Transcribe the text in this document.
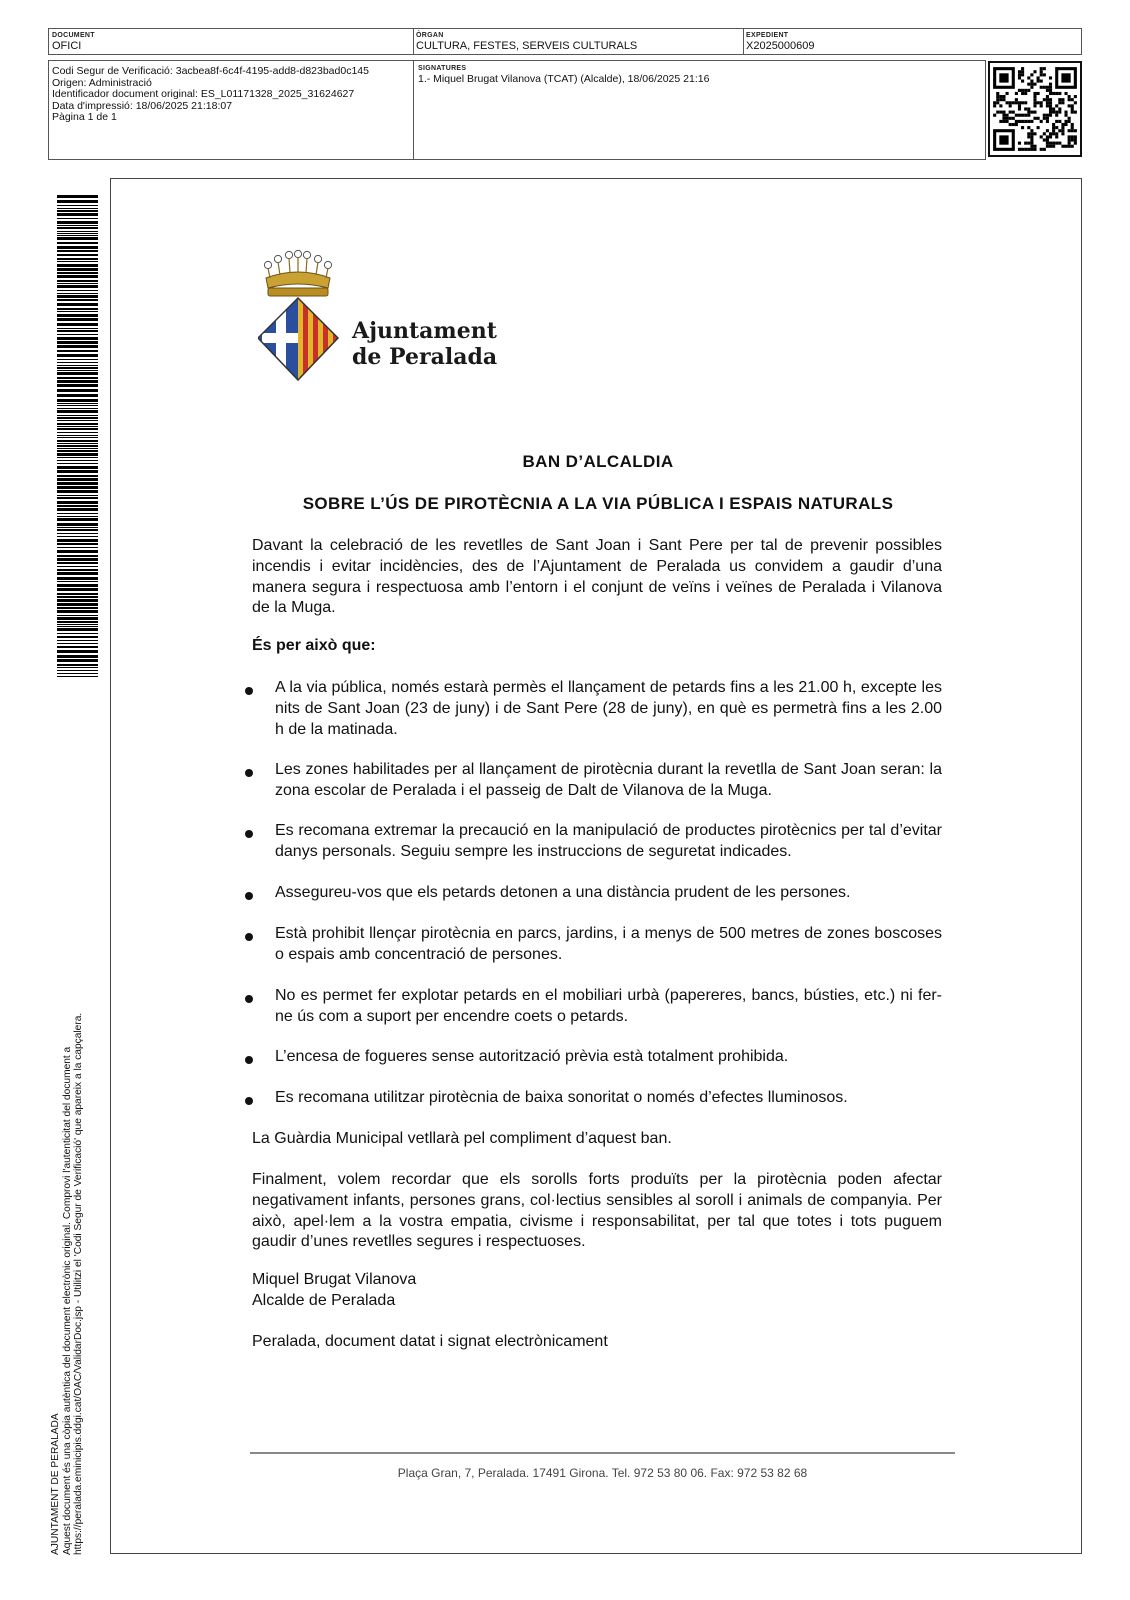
DOCUMENT
OFICI
ÒRGAN
CULTURA, FESTES, SERVEIS CULTURALS
EXPEDIENT
X2025000609
Codi Segur de Verificació: 3acbea8f-6c4f-4195-add8-d823bad0c145
Origen: Administració
Identificador document original: ES_L01171328_2025_31624627
Data d'impressió: 18/06/2025 21:18:07
Pàgina 1 de 1
SIGNATURES
1.- Miquel Brugat Vilanova (TCAT) (Alcalde), 18/06/2025 21:16
AJUNTAMENT DE PERALADA Aquest document és una còpia autèntica del document electrònic original. Comprovi l'autenticitat del document a https://peralada.eminicipis.ddgi.cat/OAC/ValidarDoc.jsp - Utilitzi el 'Codi Segur de Verificació' que apareix a la capçalera.
Ajuntament
de Peralada
BAN D’ALCALDIA
SOBRE L’ÚS DE PIROTÈCNIA A LA VIA PÚBLICA I ESPAIS NATURALS
Davant la celebració de les revetlles de Sant Joan i Sant Pere per tal de prevenir possibles incendis i evitar incidències, des de l’Ajuntament de Peralada us convidem a gaudir d’una manera segura i respectuosa amb l’entorn i el conjunt de veïns i veïnes de Peralada i Vilanova de la Muga.
És per això que:
A la via pública, només estarà permès el llançament de petards fins a les 21.00 h, excepte les nits de Sant Joan (23 de juny) i de Sant Pere (28 de juny), en què es permetrà fins a les 2.00 h de la matinada.
Les zones habilitades per al llançament de pirotècnia durant la revetlla de Sant Joan seran: la zona escolar de Peralada i el passeig de Dalt de Vilanova de la Muga.
Es recomana extremar la precaució en la manipulació de productes pirotècnics per tal d’evitar danys personals. Seguiu sempre les instruccions de seguretat indicades.
Assegureu-vos que els petards detonen a una distància prudent de les persones.
Està prohibit llençar pirotècnia en parcs, jardins, i a menys de 500 metres de zones boscoses o espais amb concentració de persones.
No es permet fer explotar petards en el mobiliari urbà (papereres, bancs, bústies, etc.) ni fer-ne ús com a suport per encendre coets o petards.
L’encesa de fogueres sense autorització prèvia està totalment prohibida.
Es recomana utilitzar pirotècnia de baixa sonoritat o només d’efectes lluminosos.
La Guàrdia Municipal vetllarà pel compliment d’aquest ban.
Finalment, volem recordar que els sorolls forts produïts per la pirotècnia poden afectar negativament infants, persones grans, col·lectius sensibles al soroll i animals de companyia. Per això, apel·lem a la vostra empatia, civisme i responsabilitat, per tal que totes i tots puguem gaudir d’unes revetlles segures i respectuoses.
Miquel Brugat Vilanova
Alcalde de Peralada
Peralada, document datat i signat electrònicament
Plaça Gran, 7, Peralada. 17491 Girona. Tel. 972 53 80 06. Fax: 972 53 82 68
